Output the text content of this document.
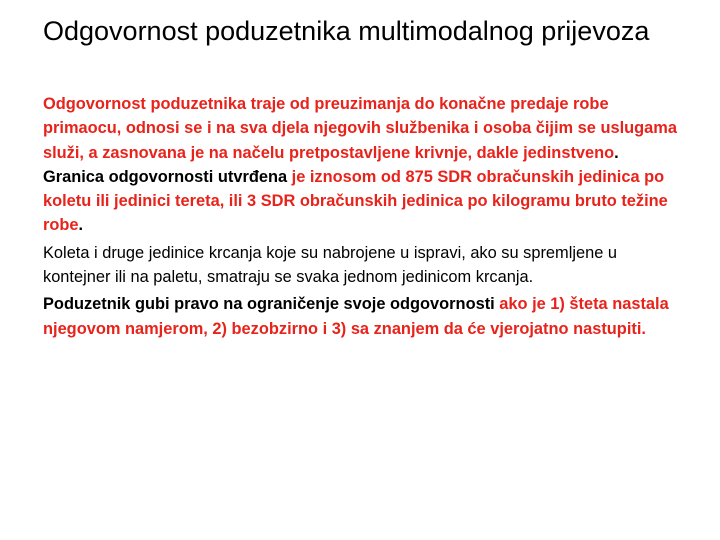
Odgovornost poduzetnika multimodalnog prijevoza

Odgovornost poduzetnika traje od preuzimanja do konačne predaje robe primaocu, odnosi se i na sva djela njegovih službenika i osoba čijim se uslugama služi, a zasnovana je na načelu pretpostavljene krivnje, dakle jedinstveno. Granica odgovornosti utvrđena je iznosom od 875 SDR obračunskih jedinica po koletu ili jedinici tereta, ili 3 SDR obračunskih jedinica po kilogramu bruto težine robe.

Koleta i druge jedinice krcanja koje su nabrojene u ispravi, ako su spremljene u kontejner ili na paletu, smatraju se svaka jednom jedinicom krcanja.

Poduzetnik gubi pravo na ograničenje svoje odgovornosti ako je 1) šteta nastala njegovom namjerom, 2) bezobzirno i 3) sa znanjem da će vjerojatno nastupiti.
